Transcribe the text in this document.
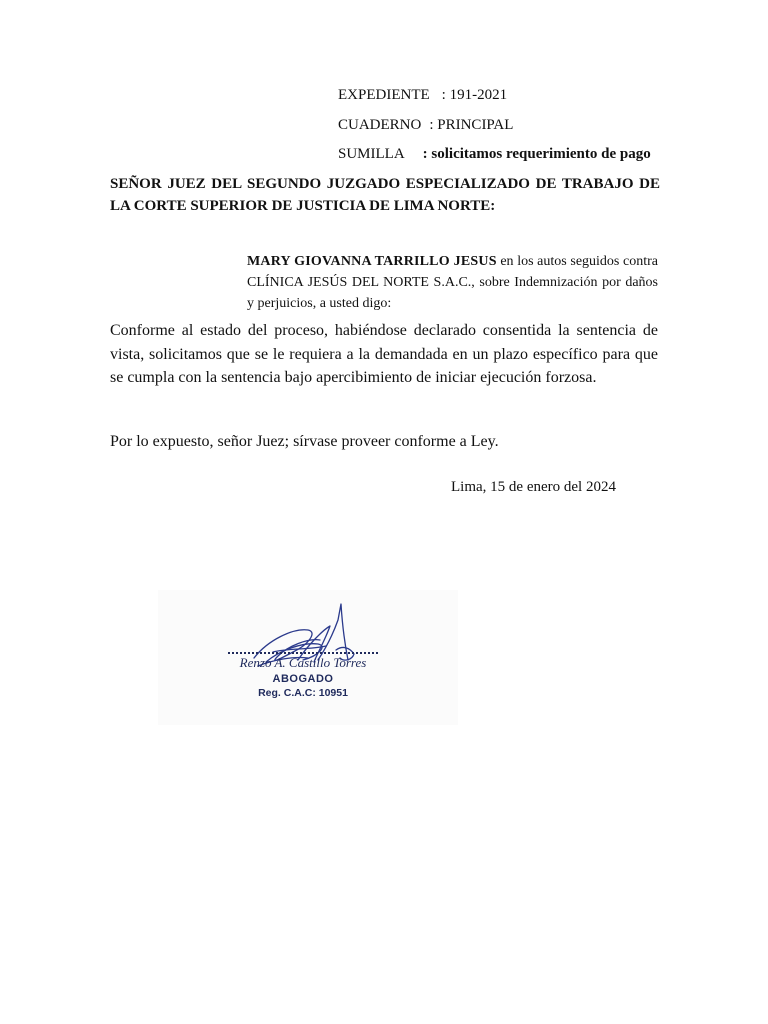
EXPEDIENTE : 191-2021
CUADERNO : PRINCIPAL
SUMILLA : solicitamos requerimiento de pago
SEÑOR JUEZ DEL SEGUNDO JUZGADO ESPECIALIZADO DE TRABAJO DE LA CORTE SUPERIOR DE JUSTICIA DE LIMA NORTE:
MARY GIOVANNA TARRILLO JESUS en los autos seguidos contra CLÍNICA JESÚS DEL NORTE S.A.C., sobre Indemnización por daños y perjuicios, a usted digo:
Conforme al estado del proceso, habiéndose declarado consentida la sentencia de vista, solicitamos que se le requiera a la demandada en un plazo específico para que se cumpla con la sentencia bajo apercibimiento de iniciar ejecución forzosa.
Por lo expuesto, señor Juez; sírvase proveer conforme a Ley.
Lima, 15 de enero del 2024
Renzo A. Castillo Torres
ABOGADO
Reg. C.A.C: 10951
